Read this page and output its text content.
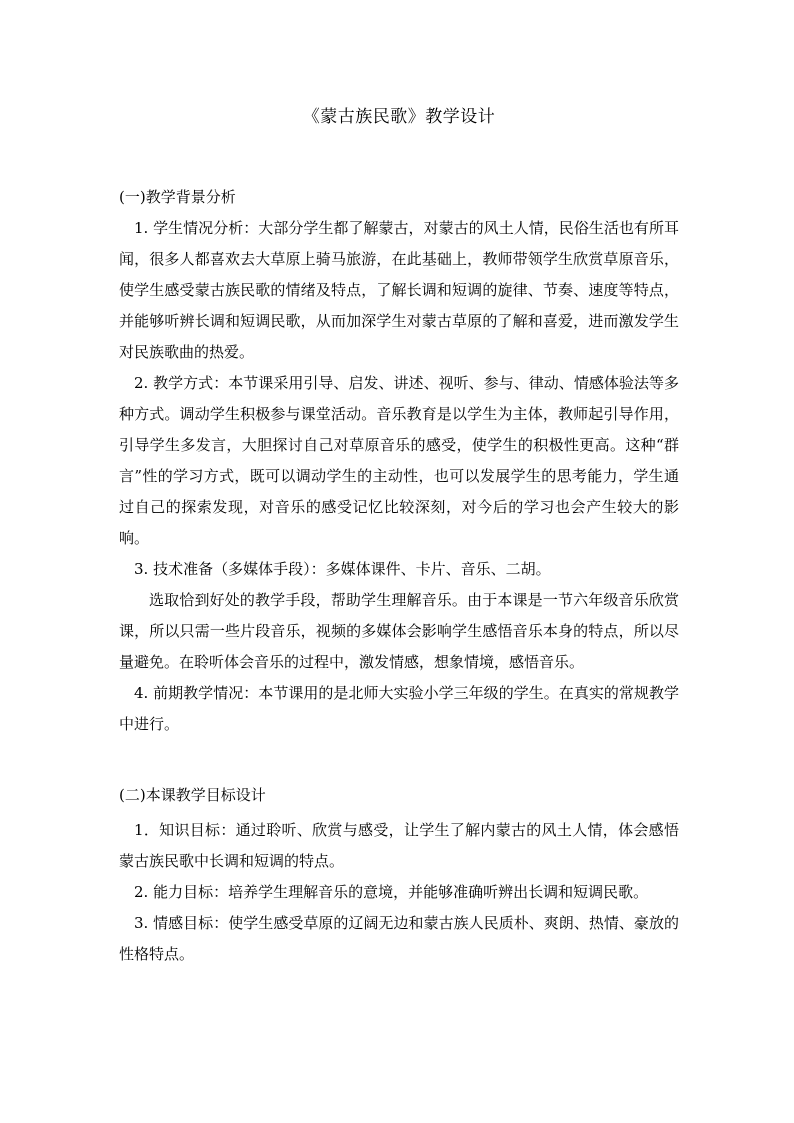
《蒙古族民歌》教学设计
(一)教学背景分析

1. 学生情况分析：大部分学生都了解蒙古，对蒙古的风土人情，民俗生活也有所耳闻，很多人都喜欢去大草原上骑马旅游，在此基础上，教师带领学生欣赏草原音乐，使学生感受蒙古族民歌的情绪及特点，了解长调和短调的旋律、节奏、速度等特点，并能够听辨长调和短调民歌，从而加深学生对蒙古草原的了解和喜爱，进而激发学生对民族歌曲的热爱。

2. 教学方式：本节课采用引导、启发、讲述、视听、参与、律动、情感体验法等多种方式。调动学生积极参与课堂活动。音乐教育是以学生为主体，教师起引导作用，引导学生多发言，大胆探讨自己对草原音乐的感受，使学生的积极性更高。这种“群言”性的学习方式，既可以调动学生的主动性，也可以发展学生的思考能力，学生通过自己的探索发现，对音乐的感受记忆比较深刻，对今后的学习也会产生较大的影响。

3. 技术准备（多媒体手段）：多媒体课件、卡片、音乐、二胡。

选取恰到好处的教学手段，帮助学生理解音乐。由于本课是一节六年级音乐欣赏课，所以只需一些片段音乐，视频的多媒体会影响学生感悟音乐本身的特点，所以尽量避免。在聆听体会音乐的过程中，激发情感，想象情境，感悟音乐。

4. 前期教学情况：本节课用的是北师大实验小学三年级的学生。在真实的常规教学中进行。

(二)本课教学目标设计

1．知识目标：通过聆听、欣赏与感受，让学生了解内蒙古的风土人情，体会感悟蒙古族民歌中长调和短调的特点。

2. 能力目标：培养学生理解音乐的意境，并能够准确听辨出长调和短调民歌。

3. 情感目标：使学生感受草原的辽阔无边和蒙古族人民质朴、爽朗、热情、豪放的性格特点。
